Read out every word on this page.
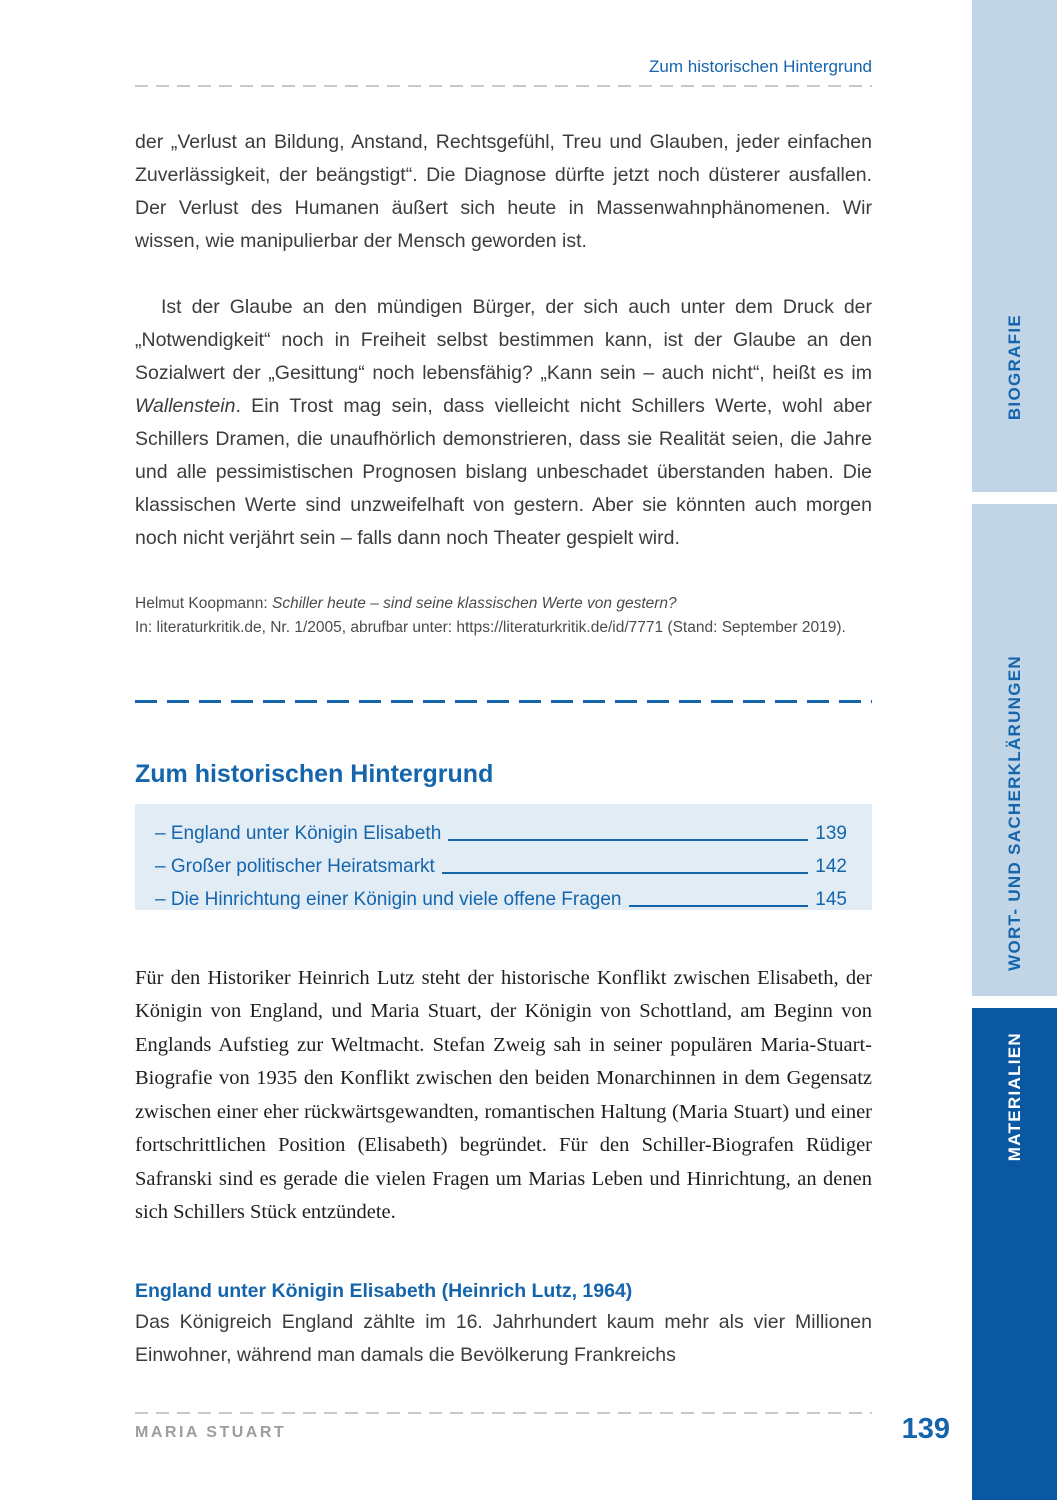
Zum historischen Hintergrund

der „Verlust an Bildung, Anstand, Rechtsgefühl, Treu und Glauben, jeder einfachen Zuverlässigkeit, der beängstigt“. Die Diagnose dürfte jetzt noch düsterer ausfallen. Der Verlust des Humanen äußert sich heute in Massenwahnphänomenen. Wir wissen, wie manipulierbar der Mensch geworden ist.

Ist der Glaube an den mündigen Bürger, der sich auch unter dem Druck der „Notwendigkeit“ noch in Freiheit selbst bestimmen kann, ist der Glaube an den Sozialwert der „Gesittung“ noch lebensfähig? „Kann sein – auch nicht“, heißt es im Wallenstein. Ein Trost mag sein, dass vielleicht nicht Schillers Werte, wohl aber Schillers Dramen, die unaufhörlich demonstrieren, dass sie Realität seien, die Jahre und alle pessimistischen Prognosen bislang unbeschadet überstanden haben. Die klassischen Werte sind unzweifelhaft von gestern. Aber sie könnten auch morgen noch nicht verjährt sein – falls dann noch Theater gespielt wird.

Helmut Koopmann: Schiller heute – sind seine klassischen Werte von gestern?
In: literaturkritik.de, Nr. 1/2005, abrufbar unter: https://literaturkritik.de/id/7771 (Stand: September 2019).

Zum historischen Hintergrund
– England unter Königin Elisabeth	139
– Großer politischer Heiratsmarkt	142
– Die Hinrichtung einer Königin und viele offene Fragen	145

Für den Historiker Heinrich Lutz steht der historische Konflikt zwischen Elisabeth, der Königin von England, und Maria Stuart, der Königin von Schottland, am Beginn von Englands Aufstieg zur Weltmacht. Stefan Zweig sah in seiner populären Maria-Stuart-Biografie von 1935 den Konflikt zwischen den beiden Monarchinnen in dem Gegensatz zwischen einer eher rückwärtsgewandten, romantischen Haltung (Maria Stuart) und einer fortschrittlichen Position (Elisabeth) begründet. Für den Schiller-Biografen Rüdiger Safranski sind es gerade die vielen Fragen um Marias Leben und Hinrichtung, an denen sich Schillers Stück entzündete.

England unter Königin Elisabeth (Heinrich Lutz, 1964)

Das Königreich England zählte im 16. Jahrhundert kaum mehr als vier Millionen Einwohner, während man damals die Bevölkerung Frankreichs

MARIA STUART	139
BIOGRAFIE
WORT- UND SACHERKLÄRUNGEN
MATERIALIEN
